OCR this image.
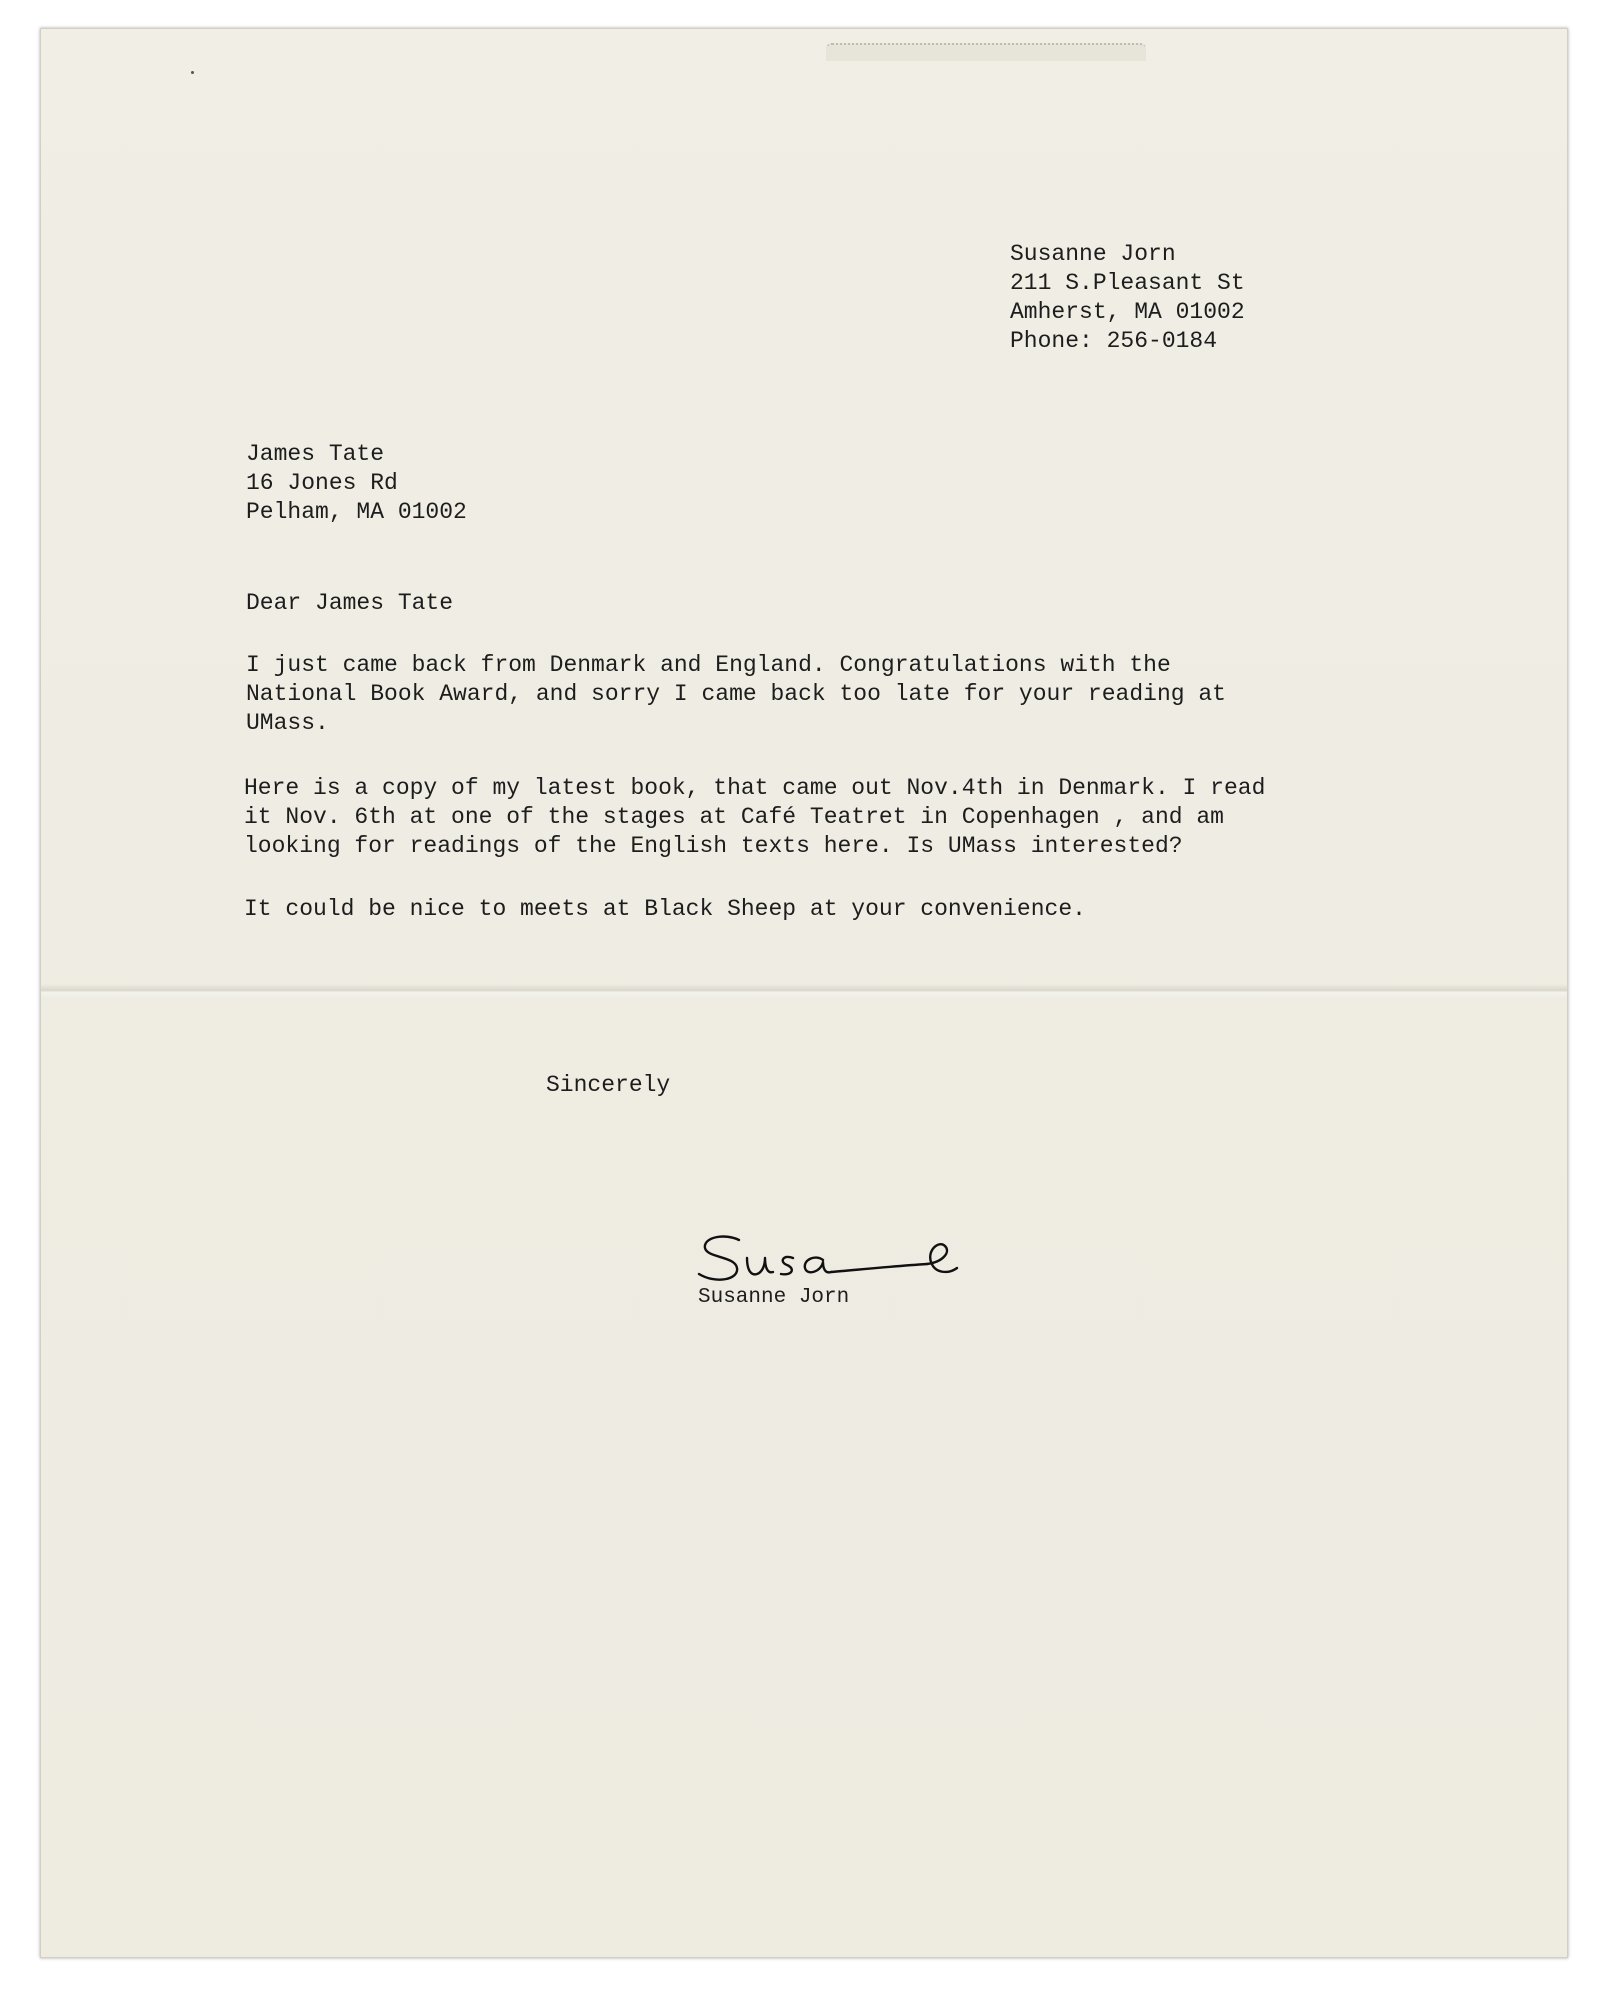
Susanne Jorn
211 S.Pleasant St
Amherst, MA 01002
Phone: 256-0184
James Tate
16 Jones Rd
Pelham, MA 01002
Dear James Tate
I just came back from Denmark and England. Congratulations with the
National Book Award, and sorry I came back too late for your reading at
UMass.
Here is a copy of my latest book, that came out Nov.4th in Denmark. I read
it Nov. 6th at one of the stages at Café Teatret in Copenhagen , and am
looking for readings of the English texts here. Is UMass interested?
It could be nice to meets at Black Sheep at your convenience.
Sincerely
Susanne Jorn
